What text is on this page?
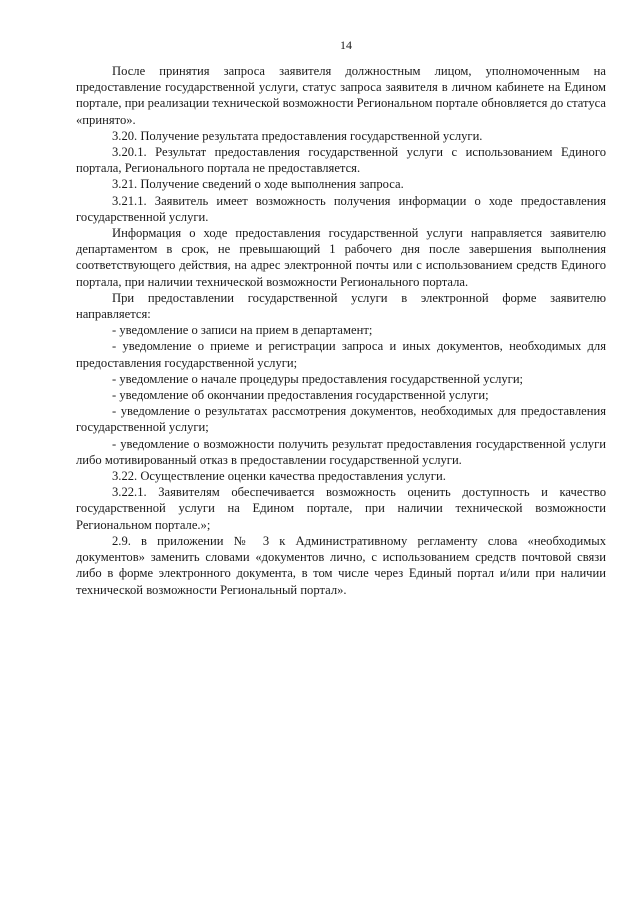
14

После принятия запроса заявителя должностным лицом, уполномоченным на предоставление государственной услуги, статус запроса заявителя в личном кабинете на Едином портале, при реализации технической возможности Региональном портале обновляется до статуса «принято».

3.20. Получение результата предоставления государственной услуги.

3.20.1. Результат предоставления государственной услуги с использованием Единого портала, Регионального портала не предоставляется.

3.21. Получение сведений о ходе выполнения запроса.

3.21.1. Заявитель имеет возможность получения информации о ходе предоставления государственной услуги.

Информация о ходе предоставления государственной услуги направляется заявителю департаментом в срок, не превышающий 1 рабочего дня после завершения выполнения соответствующего действия, на адрес электронной почты или с использованием средств Единого портала, при наличии технической возможности Регионального портала.

При предоставлении государственной услуги в электронной форме заявителю направляется:

- уведомление о записи на прием в департамент;

- уведомление о приеме и регистрации запроса и иных документов, необходимых для предоставления государственной услуги;

- уведомление о начале процедуры предоставления государственной услуги;

- уведомление об окончании предоставления государственной услуги;

- уведомление о результатах рассмотрения документов, необходимых для предоставления государственной услуги;

- уведомление о возможности получить результат предоставления государственной услуги либо мотивированный отказ в предоставлении государственной услуги.

3.22. Осуществление оценки качества предоставления услуги.

3.22.1. Заявителям обеспечивается возможность оценить доступность и качество государственной услуги на Едином портале, при наличии технической возможности Региональном портале.»;

2.9. в приложении № 3 к Административному регламенту слова «необходимых документов» заменить словами «документов лично, с использованием средств почтовой связи либо в форме электронного документа, в том числе через Единый портал и/или при наличии технической возможности Региональный портал».
